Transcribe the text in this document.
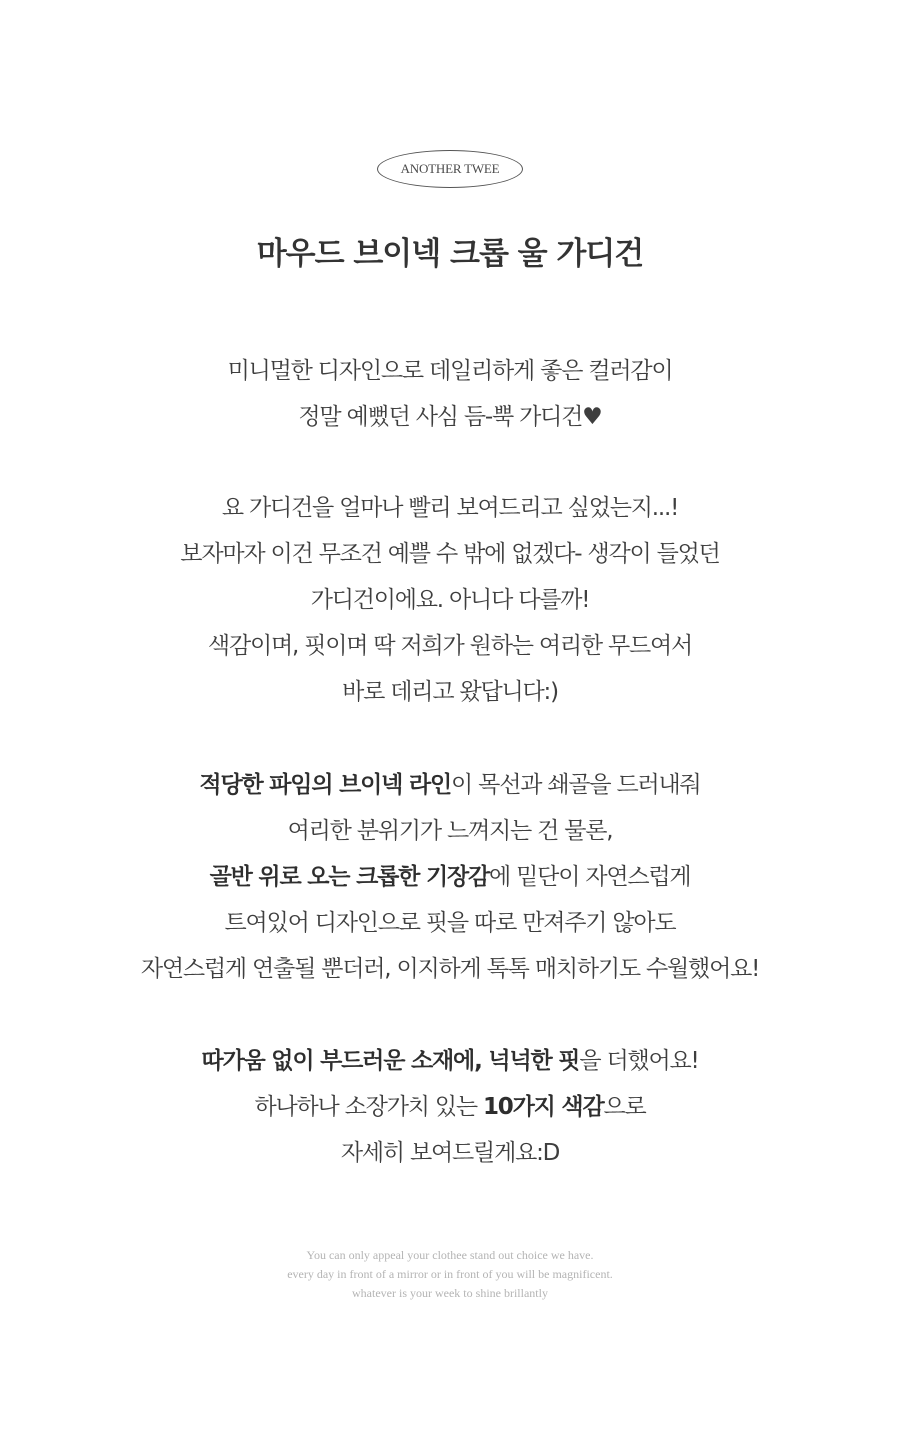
ANOTHER TWEE
마우드 브이넥 크롭 울 가디건
미니멀한 디자인으로 데일리하게 좋은 컬러감이
정말 예뻤던 사심 듬-뿍 가디건♥
요 가디건을 얼마나 빨리 보여드리고 싶었는지...!
보자마자 이건 무조건 예쁠 수 밖에 없겠다- 생각이 들었던
가디건이에요. 아니다 다를까!
색감이며, 핏이며 딱 저희가 원하는 여리한 무드여서
바로 데리고 왔답니다:)
적당한 파임의 브이넥 라인이 목선과 쇄골을 드러내줘
여리한 분위기가 느껴지는 건 물론,
골반 위로 오는 크롭한 기장감에 밑단이 자연스럽게
트여있어 디자인으로 핏을 따로 만져주기 않아도
자연스럽게 연출될 뿐더러, 이지하게 톡톡 매치하기도 수월했어요!
따가움 없이 부드러운 소재에, 넉넉한 핏을 더했어요!
하나하나 소장가치 있는 10가지 색감으로
자세히 보여드릴게요:D
You can only appeal your clothee stand out choice we have.
every day in front of a mirror or in front of you will be magnificent.
whatever is your week to shine brillantly
